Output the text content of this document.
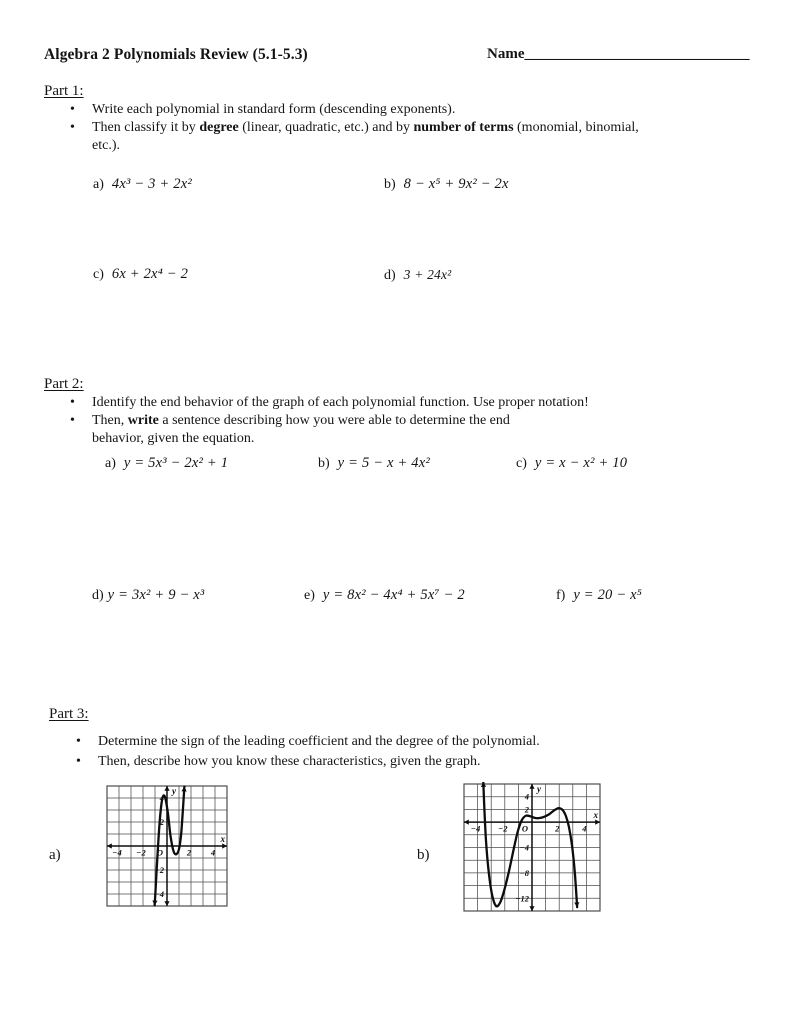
Algebra 2 Polynomials Review (5.1-5.3)	Name______________________________
Part 1:
•	Write each polynomial in standard form (descending exponents).
•	Then classify it by degree (linear, quadratic, etc.) and by number of terms (monomial, binomial,
etc.).
a) 4x³ − 3 + 2x²	b) 8 − x⁵ + 9x² − 2x
c) 6x + 2x⁴ − 2	d) 3 + 24x²
Part 2:
•	Identify the end behavior of the graph of each polynomial function. Use proper notation!
•	Then, write a sentence describing how you were able to determine the end
behavior, given the equation.
a) y = 5x³ − 2x² + 1	b) y = 5 − x + 4x²	c) y = x − x² + 10
d) y = 3x² + 9 − x³	e) y = 8x² − 4x⁴ + 5x⁷ − 2	f) y = 20 − x⁵
Part 3:
•	Determine the sign of the leading coefficient and the degree of the polynomial.
•	Then, describe how you know these characteristics, given the graph.
a)	−4 −2	2 4
4
2
−2
−4
O
x
y
b)
−4 −2	2	4
4
2
−4
−8
−12
O
x
y
